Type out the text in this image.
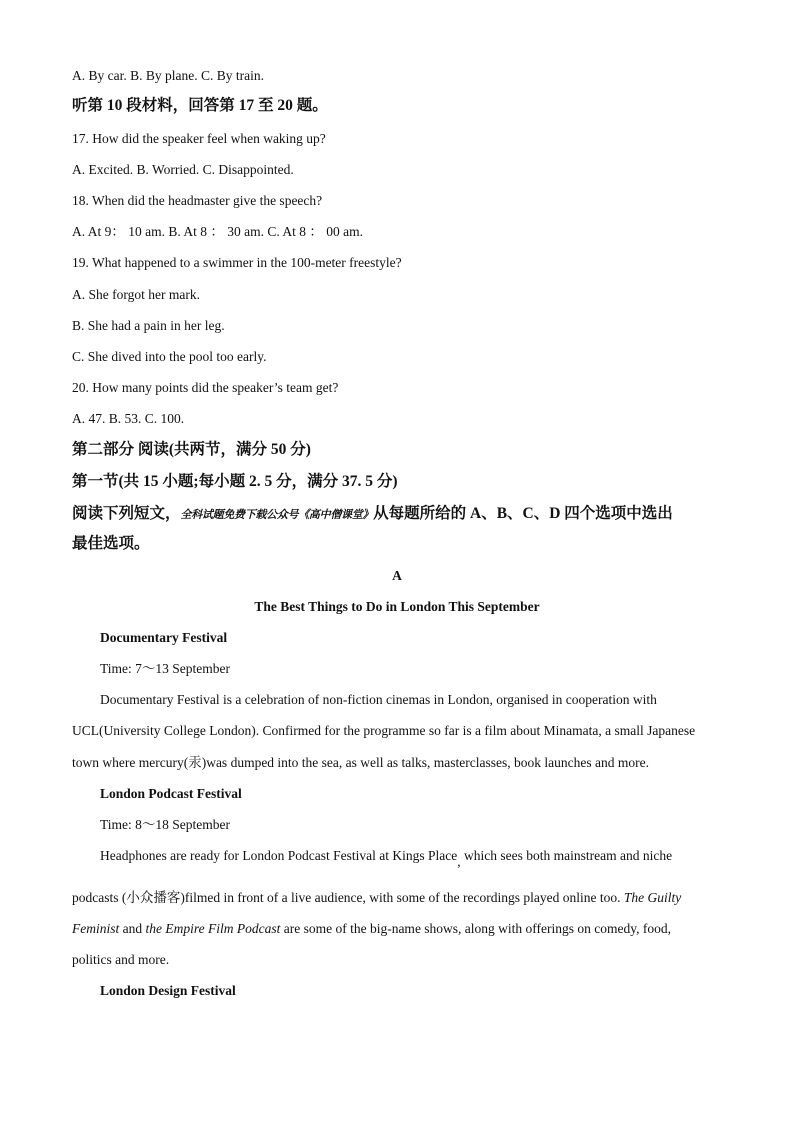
A. By car. B. By plane. C. By train.
听第 10 段材料，回答第 17 至 20 题。
17. How did the speaker feel when waking up?
A. Excited. B. Worried. C. Disappointed.
18. When did the headmaster give the speech?
A. At 9： 10 am. B. At 8 ： 30 am. C. At 8 ： 00 am.
19. What happened to a swimmer in the 100-meter freestyle?
A. She forgot her mark.
B. She had a pain in her leg.
C. She dived into the pool too early.
20. How many points did the speaker’s team get?
A. 47. B. 53. C. 100.
第二部分 阅读(共两节，满分 50 分)
第一节(共 15 小题;每小题 2. 5 分，满分 37. 5 分)
阅读下列短文，全科试题免费下载公众号《高中僧课堂》从每题所给的 A、B、C、D 四个选项中选出
最佳选项。
A
The Best Things to Do in London This September
Documentary Festival
Time: 7～13 September
Documentary Festival is a celebration of non-fiction cinemas in London, organised in cooperation with
UCL(University College London). Confirmed for the programme so far is a film about Minamata, a small Japanese
town where mercury(汞)was dumped into the sea, as well as talks, masterclasses, book launches and more.
London Podcast Festival
Time: 8～18 September
Headphones are ready for London Podcast Festival at Kings Place, which sees both mainstream and niche
podcasts (小众播客)filmed in front of a live audience, with some of the recordings played online too. The Guilty
Feminist and the Empire Film Podcast are some of the big-name shows, along with offerings on comedy, food,
politics and more.
London Design Festival
